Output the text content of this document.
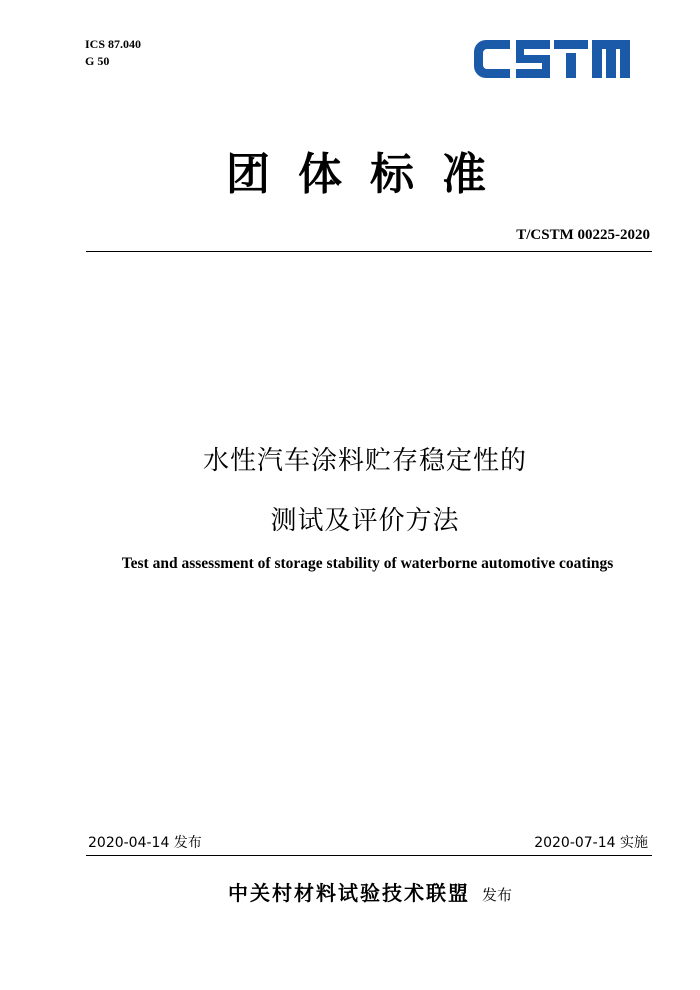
ICS 87.040
G 50
团体标准
T/CSTM 00225-2020
水性汽车涂料贮存稳定性的
测试及评价方法
Test and assessment of storage stability of waterborne automotive coatings
2020-04-14 发布	2020-07-14 实施
中关村材料试验技术联盟 发布
